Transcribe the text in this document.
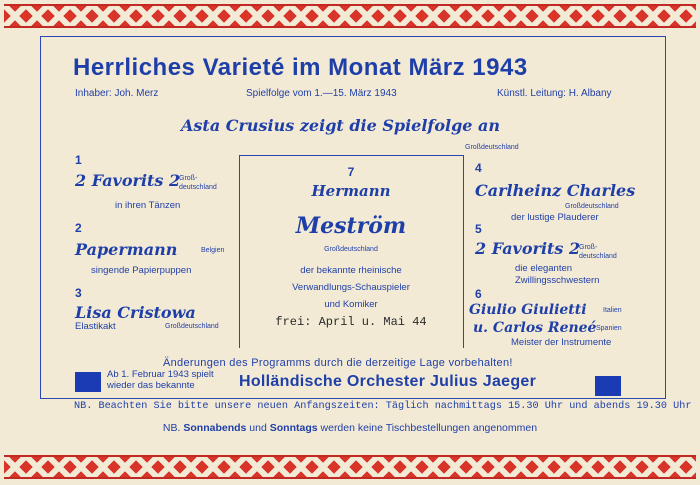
Herrliches Varieté im Monat März 1943
Inhaber: Joh. Merz	Spielfolge vom 1.—15. März 1943	Künstl. Leitung: H. Albany
Asta Crusius zeigt die Spielfolge an
Großdeutschland
1
2 Favorits 2
Groß-
deutschland
in ihren Tänzen
2
Papermann	Belgien
singende Papierpuppen
3
Lisa Cristowa
Großdeutschland
Elastikakt
7
Hermann
Meström
Großdeutschland
der bekannte rheinische
Verwandlungs-Schauspieler
und Komiker
frei: April u. Mai 44
4
Carlheinz Charles
Großdeutschland
der lustige Plauderer
5
2 Favorits 2
Groß-
deutschland
die eleganten
Zwillingsschwestern
6
Giulio Giulietti Italien
u. Carlos Reneé Spanien
Meister der Instrumente
Änderungen des Programms durch die derzeitige Lage vorbehalten!
Ab 1. Februar 1943 spielt
wieder das bekannte	Holländische Orchester Julius Jaeger
NB. Beachten Sie bitte unsere neuen Anfangszeiten: Täglich nachmittags 15.30 Uhr und abends 19.30 Uhr
NB. Sonnabends und Sonntags werden keine Tischbestellungen angenommen
